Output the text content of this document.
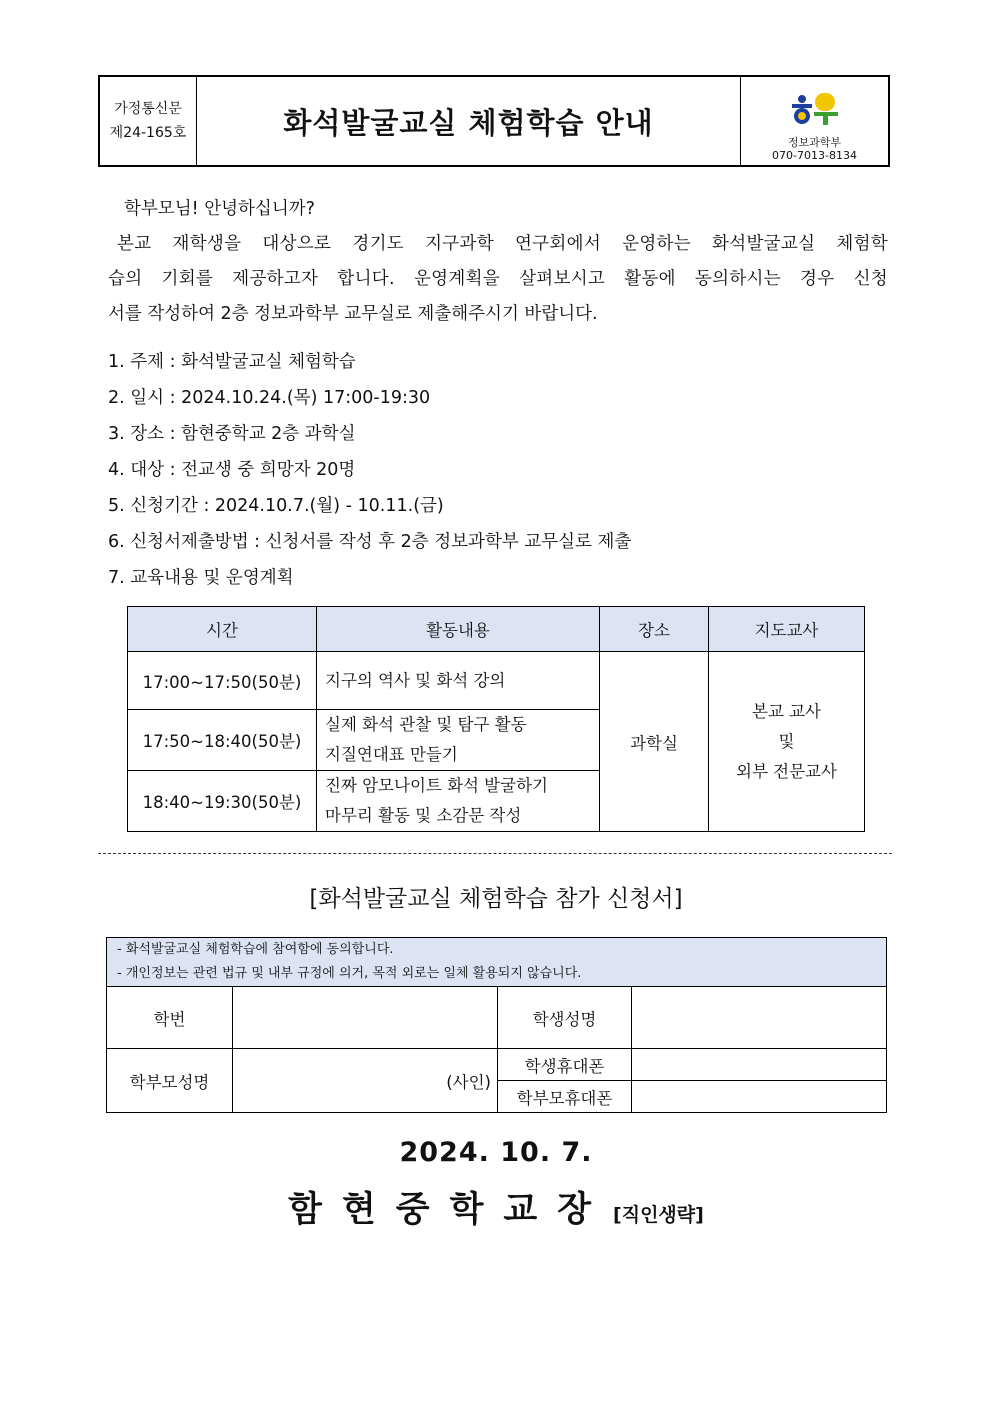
가정통신문
제24-165호	화석발굴교실 체험학습 안내
정보과학부
070-7013-8134

학부모님! 안녕하십니까?

본교 재학생을 대상으로 경기도 지구과학 연구회에서 운영하는 화석발굴교실 체험학

습의 기회를 제공하고자 합니다. 운영계획을 살펴보시고 활동에 동의하시는 경우 신청

서를 작성하여 2층 정보과학부 교무실로 제출해주시기 바랍니다.

1. 주제 : 화석발굴교실 체험학습
2. 일시 : 2024.10.24.(목) 17:00-19:30
3. 장소 : 함현중학교 2층 과학실
4. 대상 : 전교생 중 희망자 20명
5. 신청기간 : 2024.10.7.(월) - 10.11.(금)
6. 신청서제출방법 : 신청서를 작성 후 2층 정보과학부 교무실로 제출
7. 교육내용 및 운영계획
시간	활동내용	장소	지도교사
17:00~17:50(50분)	지구의 역사 및 화석 강의	과학실	본교 교사
및
외부 전문교사

17:50~18:40(50분)	실제 화석 관찰 및 탐구 활동
지질연대표 만들기		

18:40~19:30(50분)	진짜 암모나이트 화석 발굴하기
마무리 활동 및 소감문 작성		
[화석발굴교실 체험학습 참가 신청서]
- 화석발굴교실 체험학습에 참여함에 동의합니다.
- 개인정보는 관련 법규 및 내부 규정에 의거, 목적 외로는 일체 활용되지 않습니다.			

학번		학생성명	
학부모성명	(사인)	학생휴대폰	
		학부모휴대폰	
2024. 10. 7.
함현중학교장 [직인생략]
